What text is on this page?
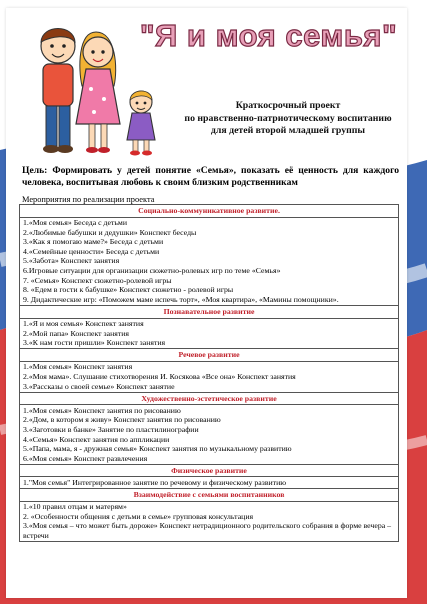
"Я и моя семья"
Краткосрочный проект
по нравственно-патриотическому воспитанию
для детей второй младшей группы
Цель: Формировать у детей понятие «Семья», показать её ценность для каждого человека, воспитывая любовь к своим близким родственникам
Мероприятия по реализации проекта
Социально-коммуникативное развитие.

1.«Моя семья» Беседа с детьми
2.«Любимые бабушки и дедушки» Конспект беседы
3.«Как я помогаю маме?» Беседа с детьми
4.«Семейные ценности» Беседа с детьми
5.«Забота» Конспект занятия
6.Игровые ситуации для организации сюжетно-ролевых игр по теме «Семья»
7. «Семья» Конспект сюжетно-ролевой игры
8. «Едем в гости к бабушке» Конспект сюжетно - ролевой игры
9. Дидактические игр: «Поможем маме испечь торт», «Моя квартира», «Мамины помощники».

Познавательное развитие

1.«Я и моя семья» Конспект занятия
2.«Мой папа» Конспект занятия
3.«К нам гости пришли» Конспект занятия

Речевое развитие

1.«Моя семья» Конспект занятия
2.«Моя мама». Слушание стихотворения И. Косякова «Все она» Конспект занятия
3.«Рассказы о своей семье» Конспект занятие

Художественно-эстетическое развитие

1.«Моя семья» Конспект занятия по рисованию
2.«Дом, в котором я живу» Конспект занятия по рисованию
3.«Заготовки в банке» Занятие по пластилинографии
4.«Семья» Конспект занятия по аппликации
5.«Папа, мама, я - дружная семья» Конспект занятия по музыкальному развитию
6.«Моя семья» Конспект развлечения

Физическое развитие

1."Моя семья" Интегрированное занятие по речевому и физическому развитию

Взаимодействие с семьями воспитанников

1.«10 правил отцам и матерям»
2. «Особенности общения с детьми в семье» групповая консультация
3.«Моя семья – что может быть дороже» Конспект нетрадиционного родительского собрания в форме вечера – встречи
